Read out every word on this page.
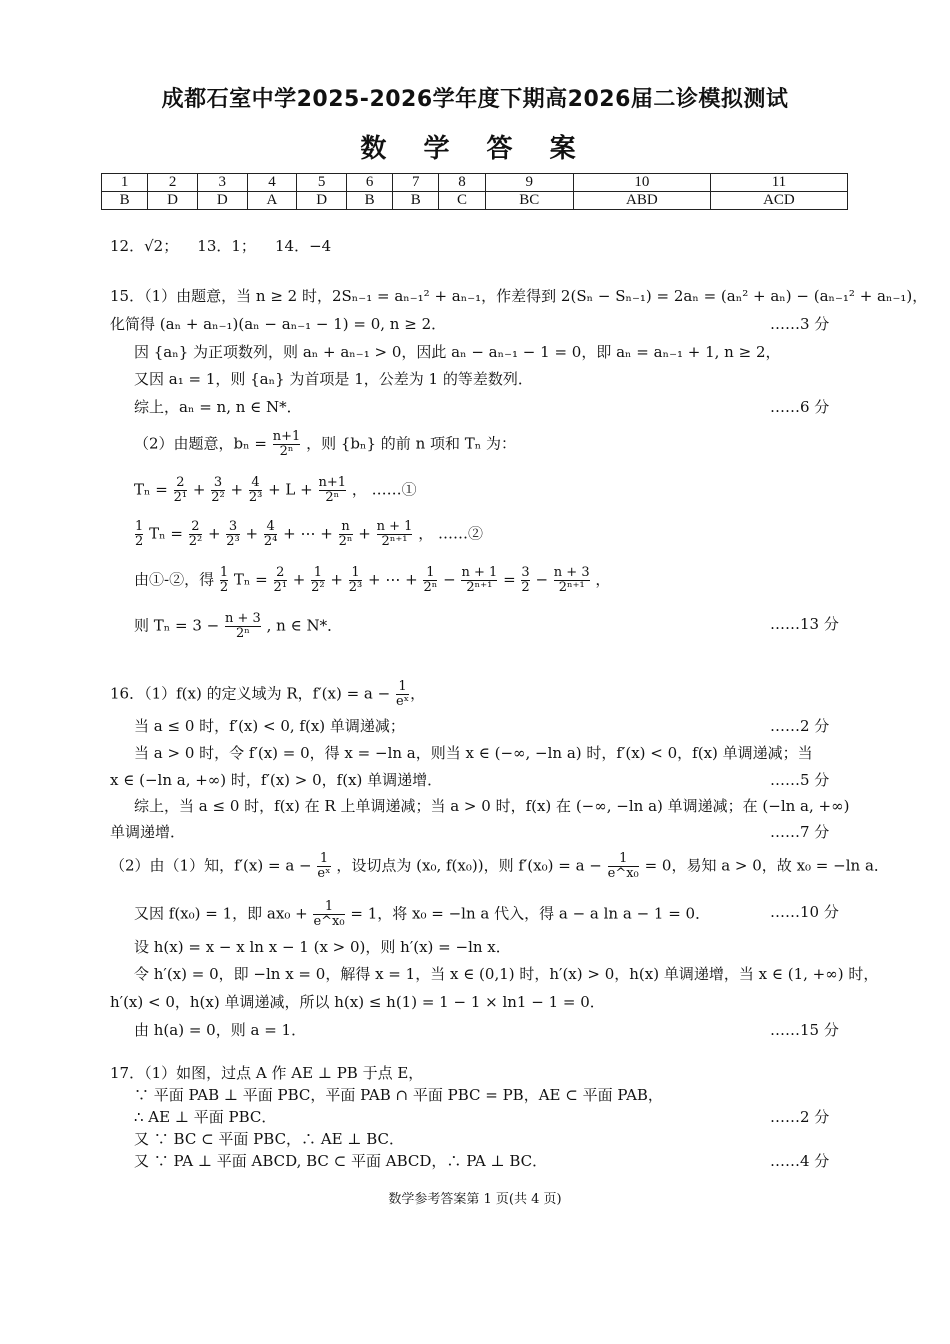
成都石室中学2025-2026学年度下期高2026届二诊模拟测试
数 学 答 案
1	2	3	4	5	6	7	8	9	10	11
B	D	D	A	D	B	B	C	BC	ABD	ACD
12．√2； 13．1； 14．−4
15．（1）由题意，当 n ≥ 2 时，2Sₙ₋₁ = aₙ₋₁² + aₙ₋₁，作差得到 2(Sₙ − Sₙ₋₁) = 2aₙ = (aₙ² + aₙ) − (aₙ₋₁² + aₙ₋₁)，
化简得 (aₙ + aₙ₋₁)(aₙ − aₙ₋₁ − 1) = 0, n ≥ 2．	……3 分
因 {aₙ} 为正项数列，则 aₙ + aₙ₋₁ > 0，因此 aₙ − aₙ₋₁ − 1 = 0，即 aₙ = aₙ₋₁ + 1, n ≥ 2，
又因 a₁ = 1，则 {aₙ} 为首项是 1，公差为 1 的等差数列．
综上，aₙ = n, n ∈ N*．	……6 分
（2）由题意，$b_n = \frac{n+1}{\text{2ⁿ}}$ ，则 {bₙ} 的前 n 项和 Tₙ 为：
$T_n = \frac{2}{\text{2¹}} + \frac{3}{\text{2²}} + \frac{4}{\text{2³}} + L + \frac{n+1}{\text{2ⁿ}}$ ， ……①
$\frac{1}{2}$ $T_n = \frac{2}{\text{2²}} + \frac{3}{\text{2³}} + \frac{4}{\text{2⁴}}$ + ⋯ + $\frac{n}{\text{2ⁿ}} + \frac{n + 1}{\text{2ⁿ⁺¹}}$ ， ……②
由①-②，得 $\frac{1}{2}$ $T_n = \frac{2}{\text{2¹}} + \frac{1}{\text{2²}} + \frac{1}{\text{2³}}$ + ⋯ + $\frac{1}{\text{2ⁿ}} - \frac{n + 1}{\text{2ⁿ⁺¹}} = \frac{3}{2} - \frac{n + 3}{\text{2ⁿ⁺¹}}$ ，
则 $T_n = 3 - \frac{n + 3}{\text{2ⁿ}}$ , n ∈ N*．	……13 分
16．（1）f(x) 的定义域为 R，$f'(x) = a - \frac{1}{\text{eˣ}}$ ，
当 a ≤ 0 时，f′(x) < 0, f(x) 单调递减；	……2 分
当 a > 0 时，令 f′(x) = 0，得 x = −ln a，则当 x ∈ (−∞, −ln a) 时，f′(x) < 0，f(x) 单调递减；当
x ∈ (−ln a, +∞) 时，f′(x) > 0，f(x) 单调递增．	……5 分
综上，当 a ≤ 0 时，f(x) 在 R 上单调递减；当 a > 0 时，f(x) 在 (−∞, −ln a) 单调递减；在 (−ln a, +∞)
单调递增．	……7 分
（2）由（1）知，$f'(x) = a - \frac{1}{\text{eˣ}}$ ，设切点为 (x₀, f(x₀))，则 $f'(x_0) = a - \frac{1}{\text{e\textasciicircum{}x₀}} = 0$，易知 a > 0，故 x₀ = −ln a．
又因 f(x₀) = 1，即 $ax_0 + \frac{1}{\text{e\textasciicircum{}x₀}} = 1$，将 x₀ = −ln a 代入，得 a − a ln a − 1 = 0．	……10 分
设 h(x) = x − x ln x − 1 (x > 0)，则 h′(x) = −ln x．
令 h′(x) = 0，即 −ln x = 0，解得 x = 1，当 x ∈ (0,1) 时，h′(x) > 0，h(x) 单调递增，当 x ∈ (1, +∞) 时，
h′(x) < 0，h(x) 单调递减，所以 h(x) ≤ h(1) = 1 − 1 × ln1 − 1 = 0．
由 h(a) = 0，则 a = 1．	……15 分
17．（1）如图，过点 A 作 AE ⊥ PB 于点 E，
∵ 平面 PAB ⊥ 平面 PBC，平面 PAB ∩ 平面 PBC = PB，AE ⊂ 平面 PAB，
∴ AE ⊥ 平面 PBC．	……2 分
又 ∵ BC ⊂ 平面 PBC，∴ AE ⊥ BC．
又 ∵ PA ⊥ 平面 ABCD, BC ⊂ 平面 ABCD，∴ PA ⊥ BC．	……4 分
数学参考答案第 1 页(共 4 页)
